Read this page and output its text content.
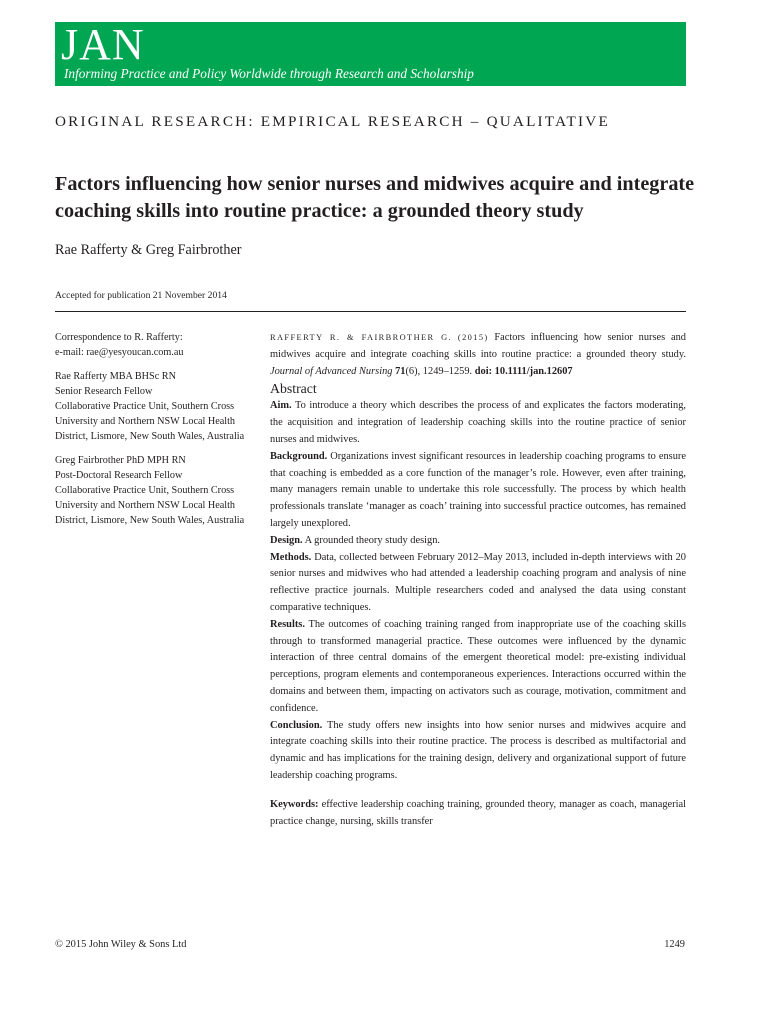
JAN
Informing Practice and Policy Worldwide through Research and Scholarship
ORIGINAL RESEARCH: EMPIRICAL RESEARCH – QUALITATIVE
Factors influencing how senior nurses and midwives acquire and integrate coaching skills into routine practice: a grounded theory study
Rae Rafferty & Greg Fairbrother
Accepted for publication 21 November 2014

Correspondence to R. Rafferty:
e-mail: rae@yesyoucan.com.au

Rae Rafferty MBA BHSc RN
Senior Research Fellow
Collaborative Practice Unit, Southern Cross University and Northern NSW Local Health District, Lismore, New South Wales, Australia

Greg Fairbrother PhD MPH RN
Post-Doctoral Research Fellow
Collaborative Practice Unit, Southern Cross University and Northern NSW Local Health District, Lismore, New South Wales, Australia

RAFFERTY R. & FAIRBROTHER G. (2015) Factors influencing how senior nurses and midwives acquire and integrate coaching skills into routine practice: a grounded theory study. Journal of Advanced Nursing 71(6), 1249–1259. doi: 10.1111/jan.12607

Abstract

Aim. To introduce a theory which describes the process of and explicates the factors moderating, the acquisition and integration of leadership coaching skills into the routine practice of senior nurses and midwives.

Background. Organizations invest significant resources in leadership coaching programs to ensure that coaching is embedded as a core function of the manager’s role. However, even after training, many managers remain unable to undertake this role successfully. The process by which health professionals translate ‘manager as coach’ training into successful practice outcomes, has remained largely unexplored.

Design. A grounded theory study design.

Methods. Data, collected between February 2012–May 2013, included in-depth interviews with 20 senior nurses and midwives who had attended a leadership coaching program and analysis of nine reflective practice journals. Multiple researchers coded and analysed the data using constant comparative techniques.

Results. The outcomes of coaching training ranged from inappropriate use of the coaching skills through to transformed managerial practice. These outcomes were influenced by the dynamic interaction of three central domains of the emergent theoretical model: pre-existing individual perceptions, program elements and contemporaneous experiences. Interactions occurred within the domains and between them, impacting on activators such as courage, motivation, commitment and confidence.

Conclusion. The study offers new insights into how senior nurses and midwives acquire and integrate coaching skills into their routine practice. The process is described as multifactorial and dynamic and has implications for the training design, delivery and organizational support of future leadership coaching programs.

Keywords: effective leadership coaching training, grounded theory, manager as coach, managerial practice change, nursing, skills transfer

© 2015 John Wiley & Sons Ltd	1249
